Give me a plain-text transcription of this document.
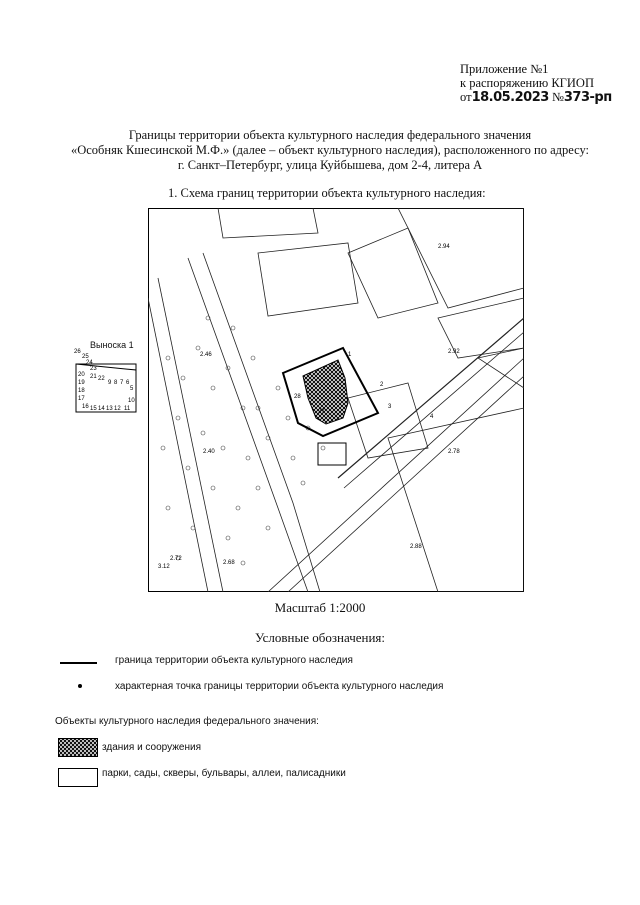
Приложение №1
к распоряжению КГИОП
от18.05.2023 №373-рп
Границы территории объекта культурного наследия федерального значения
«Особняк Кшесинской М.Ф.» (далее – объект культурного наследия), расположенного по адресу:
г. Санкт–Петербург, улица Куйбышева, дом 2-4, литера А
1. Схема границ территории объекта культурного наследия:
28
27
1
2
3
4
2.46
2.40
2.92
2.78
2.72
2.68
2.88
3.12
2.94
Выноска 1
26
25
24
23
20
19
18
17
16
21 22
9 8 7 6
5
15 14 13 12 11
10
Масштаб 1:2000
Условные обозначения:
граница территории объекта культурного наследия
характерная точка границы территории объекта культурного наследия
Объекты культурного наследия федерального значения:
здания и сооружения
парки, сады, скверы, бульвары, аллеи, палисадники
